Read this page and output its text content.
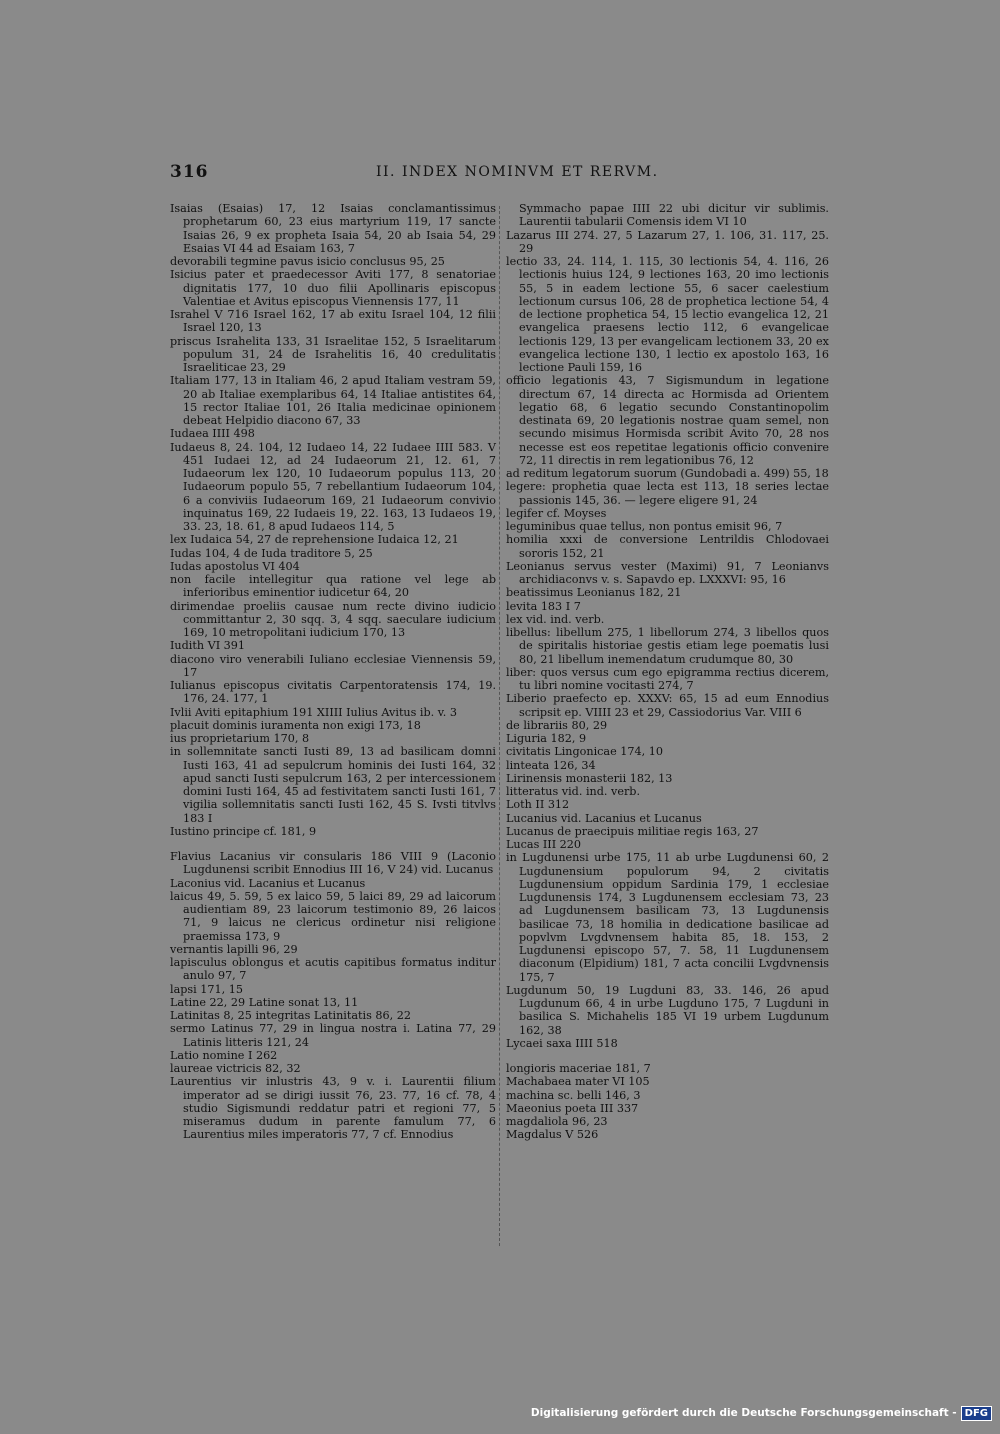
316	II. INDEX NOMINVM ET RERVM.

Isaias (Esaias) 17, 12 Isaias conclamantissimus prophetarum 60, 23 eius martyrium 119, 17 sancte Isaias 26, 9 ex propheta Isaia 54, 20 ab Isaia 54, 29 Esaias VI 44 ad Esaiam 163, 7

devorabili tegmine pavus isicio conclusus 95, 25

Isicius pater et praedecessor Aviti 177, 8 senatoriae dignitatis 177, 10 duo filii Apollinaris episcopus Valentiae et Avitus episcopus Viennensis 177, 11

Israhel V 716 Israel 162, 17 ab exitu Israel 104, 12 filii Israel 120, 13

priscus Israhelita 133, 31 Israelitae 152, 5 Israelitarum populum 31, 24 de Israhelitis 16, 40 credulitatis Israeliticae 23, 29

Italiam 177, 13 in Italiam 46, 2 apud Italiam vestram 59, 20 ab Italiae exemplaribus 64, 14 Italiae antistites 64, 15 rector Italiae 101, 26 Italia medicinae opinionem debeat Helpidio diacono 67, 33

Iudaea IIII 498

Iudaeus 8, 24. 104, 12 Iudaeo 14, 22 Iudaee IIII 583. V 451 Iudaei 12, ad 24 Iudaeorum 21, 12. 61, 7 Iudaeorum lex 120, 10 Iudaeorum populus 113, 20 Iudaeorum populo 55, 7 rebellantium Iudaeorum 104, 6 a conviviis Iudaeorum 169, 21 Iudaeorum convivio inquinatus 169, 22 Iudaeis 19, 22. 163, 13 Iudaeos 19, 33. 23, 18. 61, 8 apud Iudaeos 114, 5

lex Iudaica 54, 27 de reprehensione Iudaica 12, 21

Iudas 104, 4 de Iuda traditore 5, 25

Iudas apostolus VI 404

non facile intellegitur qua ratione vel lege ab inferioribus eminentior iudicetur 64, 20

dirimendae proeliis causae num recte divino iudicio committantur 2, 30 sqq. 3, 4 sqq. saeculare iudicium 169, 10 metropolitani iudicium 170, 13

Iudith VI 391

diacono viro venerabili Iuliano ecclesiae Viennensis 59, 17

Iulianus episcopus civitatis Carpentoratensis 174, 19. 176, 24. 177, 1

Ivlii Aviti epitaphium 191 XIIII Iulius Avitus ib. v. 3

placuit dominis iuramenta non exigi 173, 18

ius proprietarium 170, 8

in sollemnitate sancti Iusti 89, 13 ad basilicam domni Iusti 163, 41 ad sepulcrum hominis dei Iusti 164, 32 apud sancti Iusti sepulcrum 163, 2 per intercessionem domini Iusti 164, 45 ad festivitatem sancti Iusti 161, 7 vigilia sollemnitatis sancti Iusti 162, 45 S. Ivsti titvlvs 183 I

Iustino principe cf. 181, 9

Flavius Lacanius vir consularis 186 VIII 9 (Laconio Lugdunensi scribit Ennodius III 16, V 24) vid. Lucanus

Laconius vid. Lacanius et Lucanus

laicus 49, 5. 59, 5 ex laico 59, 5 laici 89, 29 ad laicorum audientiam 89, 23 laicorum testimonio 89, 26 laicos 71, 9 laicus ne clericus ordinetur nisi religione praemissa 173, 9

vernantis lapilli 96, 29

lapisculus oblongus et acutis capitibus formatus inditur anulo 97, 7

lapsi 171, 15

Latine 22, 29 Latine sonat 13, 11

Latinitas 8, 25 integritas Latinitatis 86, 22

sermo Latinus 77, 29 in lingua nostra i. Latina 77, 29 Latinis litteris 121, 24

Latio nomine I 262

laureae victricis 82, 32

Laurentius vir inlustris 43, 9 v. i. Laurentii filium imperator ad se dirigi iussit 76, 23. 77, 16 cf. 78, 4 studio Sigismundi reddatur patri et regioni 77, 5 miseramus dudum in parente famulum 77, 6 Laurentius miles imperatoris 77, 7 cf. Ennodius

Symmacho papae IIII 22 ubi dicitur vir sublimis. Laurentii tabularii Comensis idem VI 10

Lazarus III 274. 27, 5 Lazarum 27, 1. 106, 31. 117, 25. 29

lectio 33, 24. 114, 1. 115, 30 lectionis 54, 4. 116, 26 lectionis huius 124, 9 lectiones 163, 20 imo lectionis 55, 5 in eadem lectione 55, 6 sacer caelestium lectionum cursus 106, 28 de prophetica lectione 54, 4 de lectione prophetica 54, 15 lectio evangelica 12, 21 evangelica praesens lectio 112, 6 evangelicae lectionis 129, 13 per evangelicam lectionem 33, 20 ex evangelica lectione 130, 1 lectio ex apostolo 163, 16 lectione Pauli 159, 16

officio legationis 43, 7 Sigismundum in legatione directum 67, 14 directa ac Hormisda ad Orientem legatio 68, 6 legatio secundo Constantinopolim destinata 69, 20 legationis nostrae quam semel, non secundo misimus Hormisda scribit Avito 70, 28 nos necesse est eos repetitae legationis officio convenire 72, 11 directis in rem legationibus 76, 12

ad reditum legatorum suorum (Gundobadi a. 499) 55, 18

legere: prophetia quae lecta est 113, 18 series lectae passionis 145, 36. — legere eligere 91, 24

legifer cf. Moyses

leguminibus quae tellus, non pontus emisit 96, 7

homilia xxxi de conversione Lentrildis Chlodovaei sororis 152, 21

Leonianus servus vester (Maximi) 91, 7 Leonianvs archidiaconvs v. s. Sapavdo ep. LXXXVI: 95, 16

beatissimus Leonianus 182, 21

levita 183 I 7

lex vid. ind. verb.

libellus: libellum 275, 1 libellorum 274, 3 libellos quos de spiritalis historiae gestis etiam lege poematis lusi 80, 21 libellum inemendatum crudumque 80, 30

liber: quos versus cum ego epigramma rectius dicerem, tu libri nomine vocitasti 274, 7

Liberio praefecto ep. XXXV: 65, 15 ad eum Ennodius scripsit ep. VIIII 23 et 29, Cassiodorius Var. VIII 6

de librariis 80, 29

Liguria 182, 9

civitatis Lingonicae 174, 10

linteata 126, 34

Lirinensis monasterii 182, 13

litteratus vid. ind. verb.

Loth II 312

Lucanius vid. Lacanius et Lucanus

Lucanus de praecipuis militiae regis 163, 27

Lucas III 220

in Lugdunensi urbe 175, 11 ab urbe Lugdunensi 60, 2 Lugdunensium populorum 94, 2 civitatis Lugdunensium oppidum Sardinia 179, 1 ecclesiae Lugdunensis 174, 3 Lugdunensem ecclesiam 73, 23 ad Lugdunensem basilicam 73, 13 Lugdunensis basilicae 73, 18 homilia in dedicatione basilicae ad popvlvm Lvgdvnensem habita 85, 18. 153, 2 Lugdunensi episcopo 57, 7. 58, 11 Lugdunensem diaconum (Elpidium) 181, 7 acta concilii Lvgdvnensis 175, 7

Lugdunum 50, 19 Lugduni 83, 33. 146, 26 apud Lugdunum 66, 4 in urbe Lugduno 175, 7 Lugduni in basilica S. Michahelis 185 VI 19 urbem Lugdunum 162, 38

Lycaei saxa IIII 518

longioris maceriae 181, 7

Machabaea mater VI 105

machina sc. belli 146, 3

Maeonius poeta III 337

magdaliola 96, 23

Magdalus V 526

Digitalisierung gefördert durch die Deutsche Forschungsgemeinschaft - DFG
